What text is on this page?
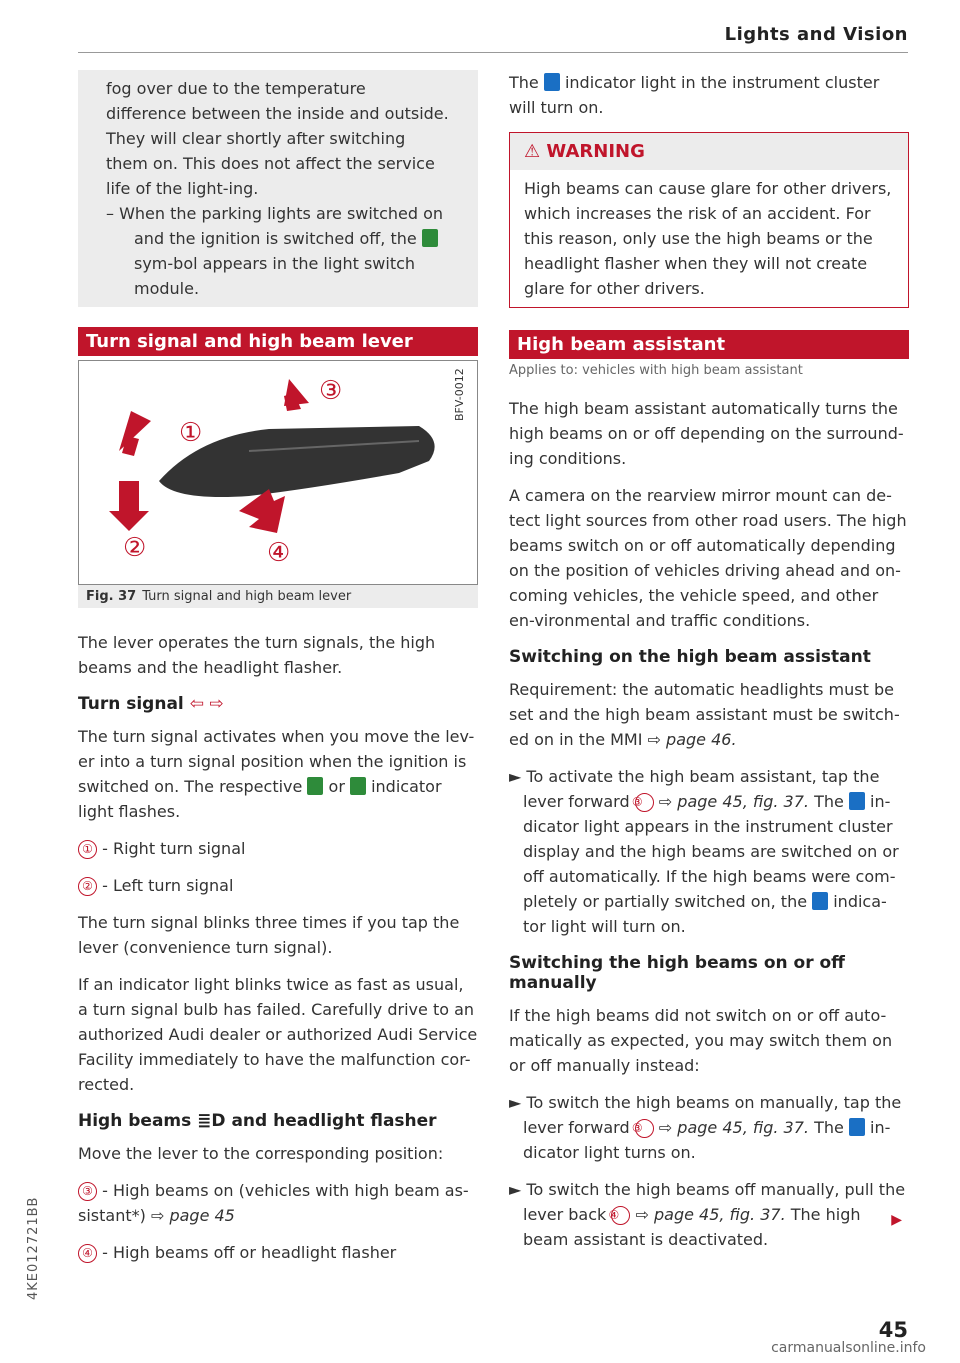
Lights and Vision
fog over due to the temperature difference between the inside and outside. They will clear shortly after switching them on. This does not affect the service life of the light-ing.
– When the parking lights are switched on and the ignition is switched off, the  sym-bol appears in the light switch module.
Turn signal and high beam lever
①
③
②	④
BFV-0012
Fig. 37 Turn signal and high beam lever

The lever operates the turn signals, the high beams and the headlight flasher.

Turn signal ⇦ ⇨

The turn signal activates when you move the lev-er into a turn signal position when the ignition is switched on. The respective or indicator light flashes.

① - Right turn signal

② - Left turn signal

The turn signal blinks three times if you tap the lever (convenience turn signal).

If an indicator light blinks twice as fast as usual, a turn signal bulb has failed. Carefully drive to an authorized Audi dealer or authorized Audi Service Facility immediately to have the malfunction cor-rected.

High beams ≣D and headlight flasher

Move the lever to the corresponding position:

③ - High beams on (vehicles with high beam as-sistant*) ⇨ page 45

④ - High beams off or headlight flasher

The indicator light in the instrument cluster will turn on.

⚠ WARNING
High beams can cause glare for other drivers, which increases the risk of an accident. For this reason, only use the high beams or the headlight flasher when they will not create glare for other drivers.
High beam assistant
Applies to: vehicles with high beam assistant

The high beam assistant automatically turns the high beams on or off depending on the surround-ing conditions.

A camera on the rearview mirror mount can de-tect light sources from other road users. The high beams switch on or off automatically depending on the position of vehicles driving ahead and on-coming vehicles, the vehicle speed, and other en-vironmental and traffic conditions.

Switching on the high beam assistant

Requirement: the automatic headlights must be set and the high beam assistant must be switch-ed on in the MMI ⇨ page 46.

► To activate the high beam assistant, tap the lever forward ③ ⇨ page 45, fig. 37. The in-dicator light appears in the instrument cluster display and the high beams are switched on or off automatically. If the high beams were com-pletely or partially switched on, the indica-tor light will turn on.

Switching the high beams on or off manually

If the high beams did not switch on or off auto-matically as expected, you may switch them on or off manually instead:

► To switch the high beams on manually, tap the lever forward ③ ⇨ page 45, fig. 37. The in-dicator light turns on.

► To switch the high beams off manually, pull the lever back ④ ⇨ page 45, fig. 37. The high beam assistant is deactivated.

▶
4KE012721BB
45
carmanualsonline.info
